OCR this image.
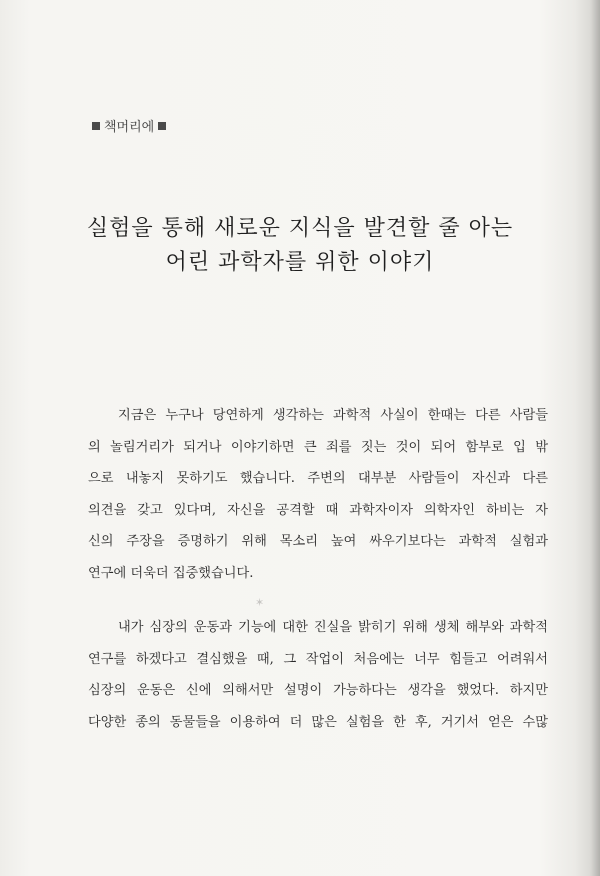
책머리에
실험을 통해 새로운 지식을 발견할 줄 아는
어린 과학자를 위한 이야기
지금은 누구나 당연하게 생각하는 과학적 사실이 한때는 다른 사람들
의 놀림거리가 되거나 이야기하면 큰 죄를 짓는 것이 되어 함부로 입 밖
으로 내놓지 못하기도 했습니다. 주변의 대부분 사람들이 자신과 다른
의견을 갖고 있다며, 자신을 공격할 때 과학자이자 의학자인 하비는 자
신의 주장을 증명하기 위해 목소리 높여 싸우기보다는 과학적 실험과
연구에 더욱더 집중했습니다.
✶
내가 심장의 운동과 기능에 대한 진실을 밝히기 위해 생체 해부와 과학적
연구를 하겠다고 결심했을 때, 그 작업이 처음에는 너무 힘들고 어려워서
심장의 운동은 신에 의해서만 설명이 가능하다는 생각을 했었다. 하지만
다양한 종의 동물들을 이용하여 더 많은 실험을 한 후, 거기서 얻은 수많
